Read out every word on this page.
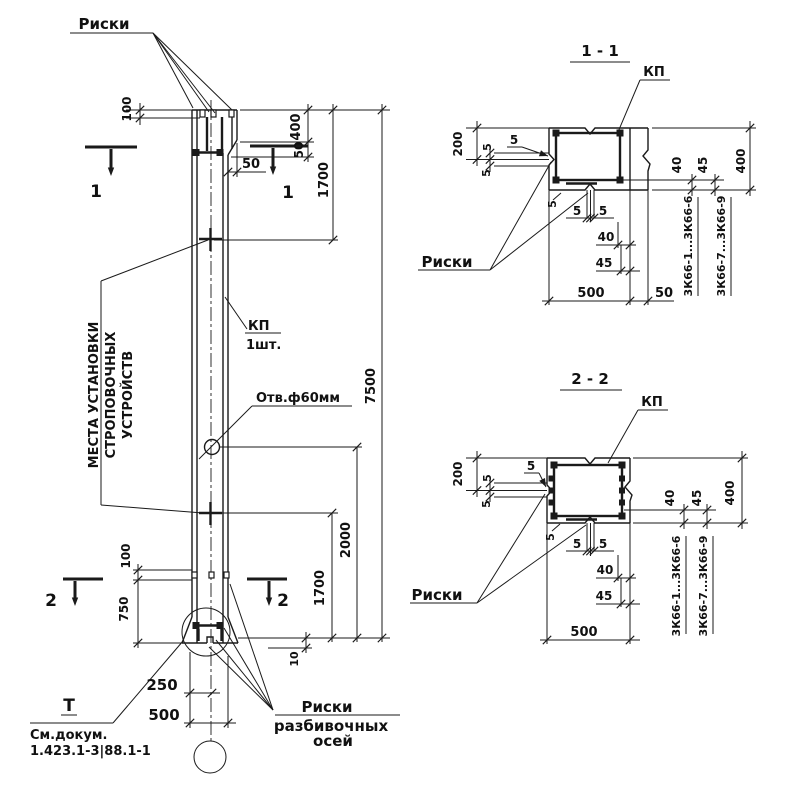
Риски
100
400
50
50	1700
7500
2000
1700
1	1
КП
1шт.
Отв.ф60мм
МЕСТА УСТАНОВКИ СТРОПОВОЧНЫХ УСТРОЙСТВ
100
750
10
250
500	Риски
разбивочных
осей
2	2
Т
См.докум.
1.423.1-3|88.1-1
1 - 1
КП
200 5
5
5
5 5 5
40
45
500	50
40 45 400
3К66-1...3К66-6 3К66-7...3К66-9
Риски
2 - 2
КП
200 5
5
5
5 5 5
40
45
500
40 45 400
3К66-1...3К66-6 3К66-7...3К66-9
Риски
